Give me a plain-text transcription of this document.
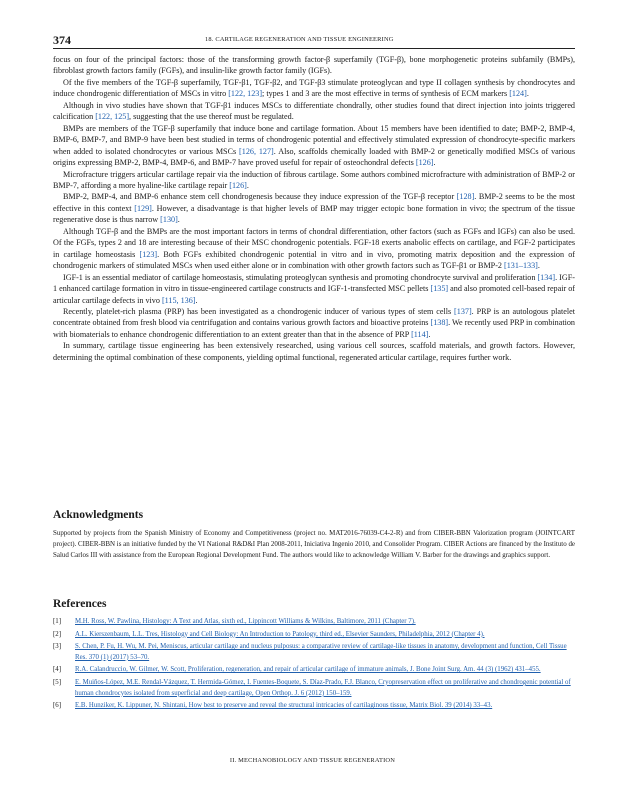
374	18. CARTILAGE REGENERATION AND TISSUE ENGINEERING

focus on four of the principal factors: those of the transforming growth factor-β superfamily (TGF-β), bone morphogenetic proteins subfamily (BMPs), fibroblast growth factors family (FGFs), and insulin-like growth factor family (IGFs).

Of the five members of the TGF-β superfamily, TGF-β1, TGF-β2, and TGF-β3 stimulate proteoglycan and type II collagen synthesis by chondrocytes and induce chondrogenic differentiation of MSCs in vitro [122, 123]; types 1 and 3 are the most effective in terms of synthesis of ECM markers [124].

Although in vivo studies have shown that TGF-β1 induces MSCs to differentiate chondrally, other studies found that direct injection into joints triggered calcification [122, 125], suggesting that the use thereof must be regulated.

BMPs are members of the TGF-β superfamily that induce bone and cartilage formation. About 15 members have been identified to date; BMP-2, BMP-4, BMP-6, BMP-7, and BMP-9 have been best studied in terms of chondrogenic potential and effectively stimulated expression of chondrocyte-specific markers when added to isolated chondrocytes or various MSCs [126, 127]. Also, scaffolds chemically loaded with BMP-2 or genetically modified MSCs of various origins expressing BMP-2, BMP-4, BMP-6, and BMP-7 have proved useful for repair of osteochondral defects [126].

Microfracture triggers articular cartilage repair via the induction of fibrous cartilage. Some authors combined microfracture with administration of BMP-2 or BMP-7, affording a more hyaline-like cartilage repair [126].

BMP-2, BMP-4, and BMP-6 enhance stem cell chondrogenesis because they induce expression of the TGF-β receptor [128]. BMP-2 seems to be the most effective in this context [129]. However, a disadvantage is that higher levels of BMP may trigger ectopic bone formation in vivo; the spectrum of the tissue regenerative dose is thus narrow [130].

Although TGF-β and the BMPs are the most important factors in terms of chondral differentiation, other factors (such as FGFs and IGFs) can also be used. Of the FGFs, types 2 and 18 are interesting because of their MSC chondrogenic potentials. FGF-18 exerts anabolic effects on cartilage, and FGF-2 participates in cartilage homeostasis [123]. Both FGFs exhibited chondrogenic potential in vitro and in vivo, promoting matrix deposition and the expression of chondrogenic markers of stimulated MSCs when used either alone or in combination with other growth factors such as TGF-β1 or BMP-2 [131–133].

IGF-1 is an essential mediator of cartilage homeostasis, stimulating proteoglycan synthesis and promoting chondrocyte survival and proliferation [134]. IGF-1 enhanced cartilage formation in vitro in tissue-engineered cartilage constructs and IGF-1-transfected MSC pellets [135] and also promoted cell-based repair of articular cartilage defects in vivo [115, 136].

Recently, platelet-rich plasma (PRP) has been investigated as a chondrogenic inducer of various types of stem cells [137]. PRP is an autologous platelet concentrate obtained from fresh blood via centrifugation and contains various growth factors and bioactive proteins [138]. We recently used PRP in combination with biomaterials to enhance chondrogenic differentiation to an extent greater than that in the absence of PRP [114].

In summary, cartilage tissue engineering has been extensively researched, using various cell sources, scaffold materials, and growth factors. However, determining the optimal combination of these components, yielding optimal functional, regenerated articular cartilage, requires further work.

Acknowledgments

Supported by projects from the Spanish Ministry of Economy and Competitiveness (project no. MAT2016-76039-C4-2-R) and from CIBER-BBN Valorization program (JOINTCART project). CIBER-BBN is an initiative funded by the VI National R&D&I Plan 2008-2011, Iniciativa Ingenio 2010, and Consolider Program. CIBER Actions are financed by the Instituto de Salud Carlos III with assistance from the European Regional Development Fund. The authors would like to acknowledge William V. Barber for the drawings and graphics support.

References
[1] M.H. Ross, W. Pawlina, Histology: A Text and Atlas, sixth ed., Lippincott Williams & Wilkins, Baltimore, 2011 (Chapter 7).
[2] A.L. Kierszenbaum, L.L. Tres, Histology and Cell Biology: An Introduction to Patology, third ed., Elsevier Saunders, Philadelphia, 2012 (Chapter 4).
[3] S. Chen, P. Fu, H. Wu, M. Pei, Meniscus, articular cartilage and nucleus pulposus: a comparative review of cartilage-like tissues in anatomy, development and function, Cell Tissue Res. 370 (1) (2017) 53–70.
[4] R.A. Calandruccio, W. Gilmer, W. Scott, Proliferation, regeneration, and repair of articular cartilage of immature animals, J. Bone Joint Surg. Am. 44 (3) (1962) 431–455.
[5] E. Muiños-López, M.E. Rendal-Vázquez, T. Hermida-Gómez, I. Fuentes-Boquete, S. Díaz-Prado, F.J. Blanco, Cryopreservation effect on proliferative and chondrogenic potential of human chondrocytes isolated from superficial and deep cartilage, Open Orthop. J. 6 (2012) 150–159.
[6] E.B. Hunziker, K. Lippuner, N. Shintani, How best to preserve and reveal the structural intricacies of cartilaginous tissue, Matrix Biol. 39 (2014) 33–43.
II. MECHANOBIOLOGY AND TISSUE REGENERATION
